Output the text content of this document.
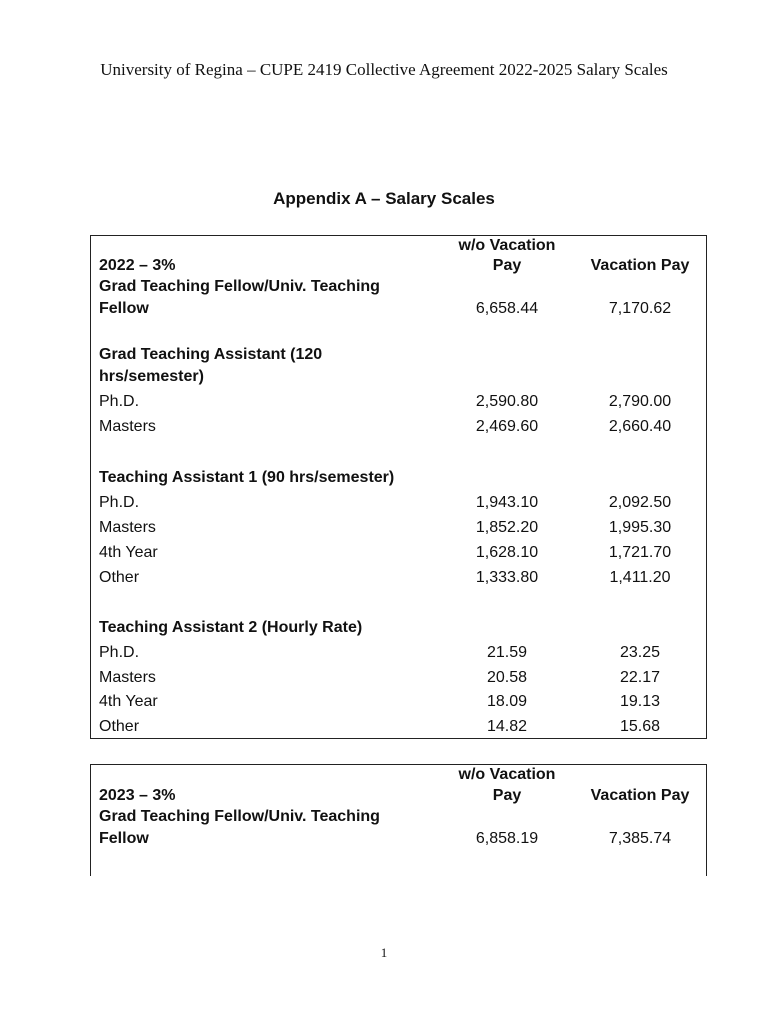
University of Regina – CUPE 2419 Collective Agreement 2022-2025 Salary Scales
Appendix A – Salary Scales
w/o Vacation
2022 – 3%	Pay	Vacation Pay
Grad Teaching Fellow/Univ. Teaching
Fellow	6,658.44	7,170.62
Grad Teaching Assistant (120
hrs/semester)
Ph.D.	2,590.80	2,790.00
Masters	2,469.60	2,660.40
Teaching Assistant 1 (90 hrs/semester)
Ph.D.	1,943.10	2,092.50
Masters	1,852.20	1,995.30
4th Year	1,628.10	1,721.70
Other	1,333.80	1,411.20
Teaching Assistant 2 (Hourly Rate)
Ph.D.	21.59	23.25
Masters	20.58	22.17
4th Year	18.09	19.13
Other	14.82	15.68
w/o Vacation
2023 – 3%	Pay	Vacation Pay
Grad Teaching Fellow/Univ. Teaching
Fellow	6,858.19	7,385.74
1
